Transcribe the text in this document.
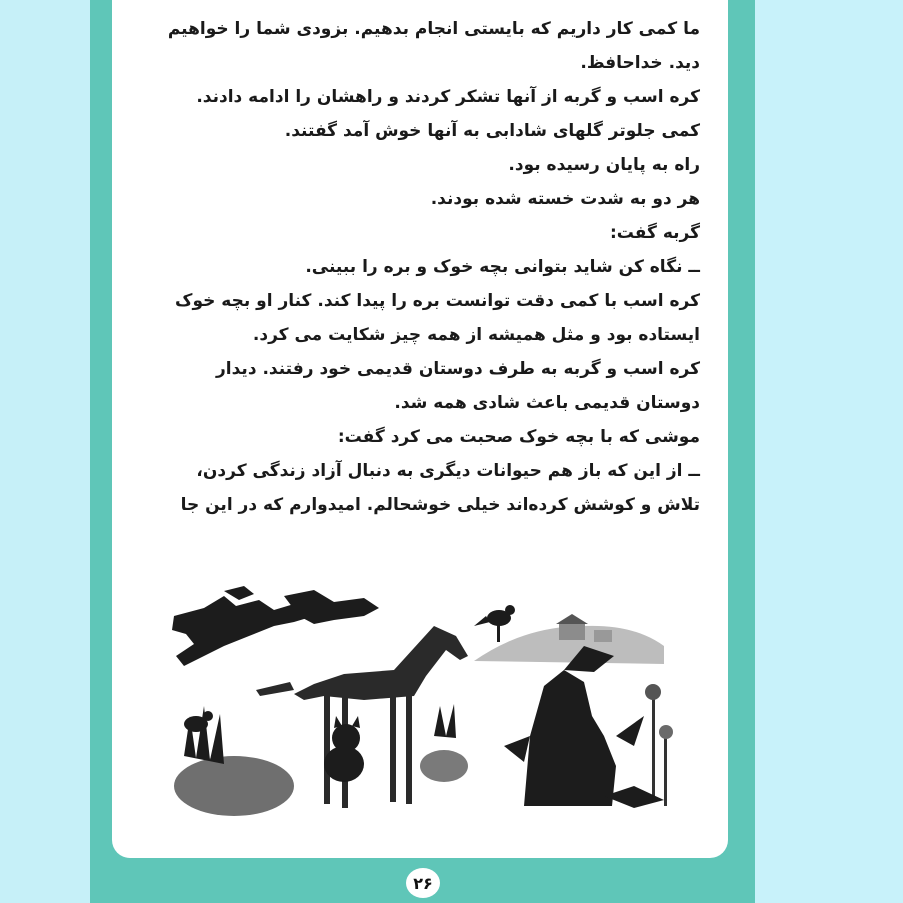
ما کمی کار داریم که بایستی انجام بدهیم. بزودی شما را خواهیم دید. خداحافظ.

کره اسب و گربه از آنها تشکر کردند و راهشان را ادامه دادند.

کمی جلوتر گلهای شادابی به آنها خوش آمد گفتند.

راه به پایان رسیده بود.

هر دو به شدت خسته شده بودند.

گربه گفت:

ــ نگاه کن شاید بتوانی بچه خوک و بره را ببینی.

کره اسب با کمی دقت توانست بره را پیدا کند. کنار او بچه خوک ایستاده بود و مثل همیشه از همه چیز شکایت می کرد.

کره اسب و گربه به طرف دوستان قدیمی خود رفتند. دیدار دوستان قدیمی باعث شادی همه شد.

موشی که با بچه خوک صحبت می کرد گفت:

ــ از این که باز هم حیوانات دیگری به دنبال آزاد زندگی کردن، تلاش و کوشش کرده‌اند خیلی خوشحالم. امیدوارم که در این جا

۲۶
